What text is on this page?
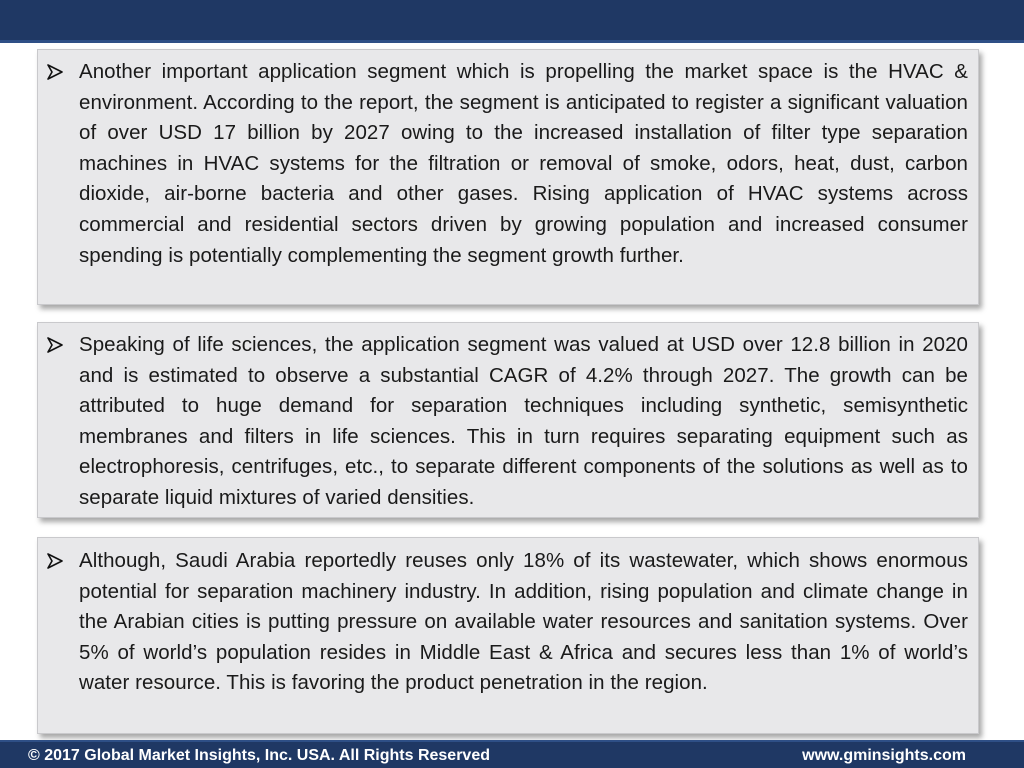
Another important application segment which is propelling the market space is the HVAC & environment. According to the report, the segment is anticipated to register a significant valuation of over USD 17 billion by 2027 owing to the increased installation of filter type separation machines in HVAC systems for the filtration or removal of smoke, odors, heat, dust, carbon dioxide, air-borne bacteria and other gases. Rising application of HVAC systems across commercial and residential sectors driven by growing population and increased consumer spending is potentially complementing the segment growth further.

Speaking of life sciences, the application segment was valued at USD over 12.8 billion in 2020 and is estimated to observe a substantial CAGR of 4.2% through 2027. The growth can be attributed to huge demand for separation techniques including synthetic, semisynthetic membranes and filters in life sciences. This in turn requires separating equipment such as electrophoresis, centrifuges, etc., to separate different components of the solutions as well as to separate liquid mixtures of varied densities.

Although, Saudi Arabia reportedly reuses only 18% of its wastewater, which shows enormous potential for separation machinery industry. In addition, rising population and climate change in the Arabian cities is putting pressure on available water resources and sanitation systems. Over 5% of world’s population resides in Middle East & Africa and secures less than 1% of world’s water resource. This is favoring the product penetration in the region.

© 2017 Global Market Insights, Inc. USA. All Rights Reserved	www.gminsights.com
